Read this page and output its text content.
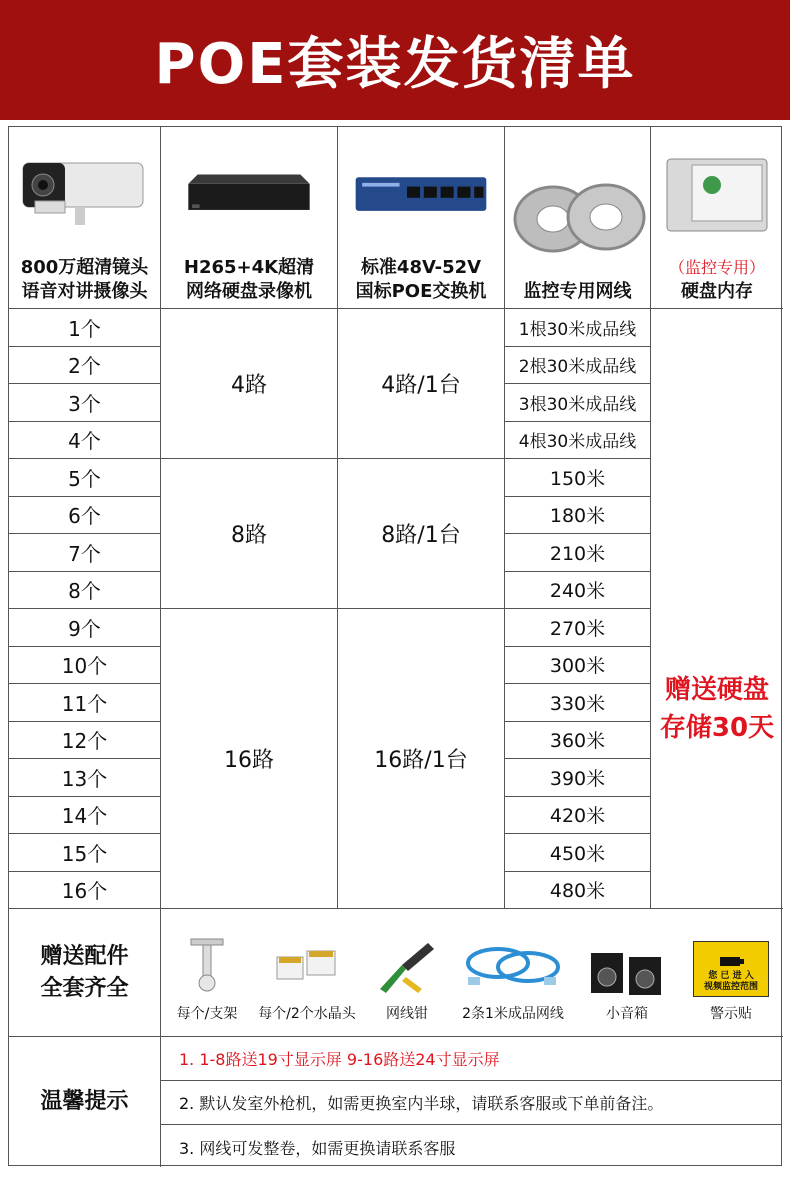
POE套装发货清单
800万超清镜头
语音对讲摄像头
H265+4K超清
网络硬盘录像机
标准48V-52V
国标POE交换机 监控专用网线
（监控专用）
硬盘内存
1个
2个
3个
4个
5个
6个
7个
8个
9个
10个
11个
12个
13个
14个
15个
16个
4路
8路
16路
4路/1台
8路/1台
16路/1台
1根30米成品线
2根30米成品线
3根30米成品线
4根30米成品线
150米
180米
210米
240米
270米
300米
330米
360米
390米
420米
450米
480米
赠送硬盘
存储30天
赠送配件
全套齐全
每个/支架 每个/2个水晶头 网线钳 2条1米成品网线	小音箱
您 已 进 入
视频监控范围
警示贴
温馨提示
1. 1-8路送19寸显示屏 9-16路送24寸显示屏
2. 默认发室外枪机，如需更换室内半球，请联系客服或下单前备注。
3. 网线可发整卷，如需更换请联系客服
